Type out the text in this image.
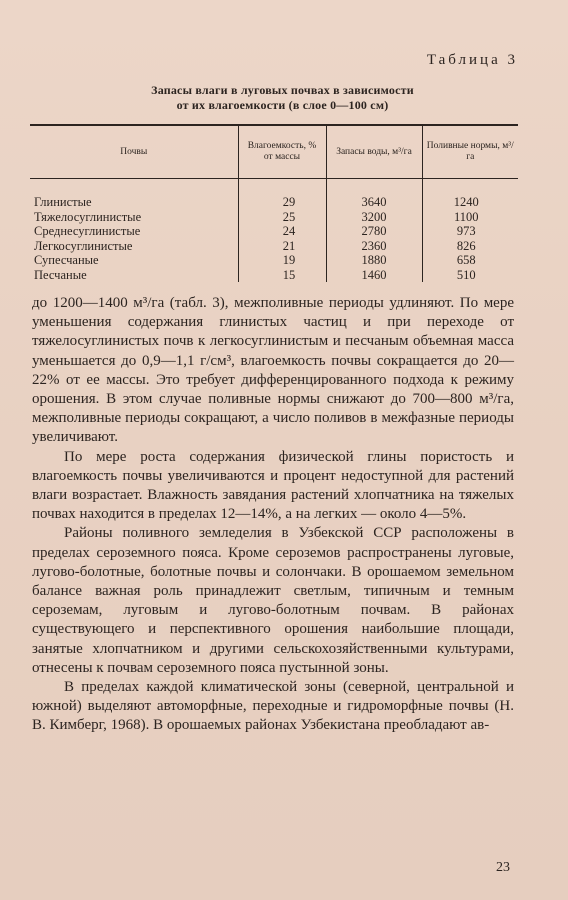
Таблица 3
Запасы влаги в луговых почвах в зависимости
от их влагоемкости (в слое 0—100 см)
Почвы	Влагоемкость, % от массы	Запасы воды, м³/га	Поливные нормы, м³/га

Глинистые	29	3640	1240
Тяжелосуглинистые	25	3200	1100
Среднесуглинистые	24	2780	973
Легкосуглинистые	21	2360	826
Супесчаные	19	1880	658
Песчаные	15	1460	510

до 1200—1400 м³/га (табл. 3), межполивные периоды удлиняют. По мере уменьшения содержания глинистых частиц и при переходе от тяжелосуглинистых почв к легкосуглинистым и песчаным объемная масса уменьшается до 0,9—1,1 г/см³, влагоемкость почвы сокращается до 20—22% от ее массы. Это требует дифференцированного подхода к режиму орошения. В этом случае поливные нормы снижают до 700—800 м³/га, межполивные периоды сокращают, а число поливов в межфазные периоды увеличивают.

По мере роста содержания физической глины пористость и влагоемкость почвы увеличиваются и процент недоступной для растений влаги возрастает. Влажность завядания растений хлопчатника на тяжелых почвах находится в пределах 12—14%, а на легких — около 4—5%.

Районы поливного земледелия в Узбекской ССР расположены в пределах сероземного пояса. Кроме сероземов распространены луговые, лугово-болотные, болотные почвы и солончаки. В орошаемом земельном балансе важная роль принадлежит светлым, типичным и темным сероземам, луговым и лугово-болотным почвам. В районах существующего и перспективного орошения наибольшие площади, занятые хлопчатником и другими сельскохозяйственными культурами, отнесены к почвам сероземного пояса пустынной зоны.

В пределах каждой климатической зоны (северной, центральной и южной) выделяют автоморфные, переходные и гидроморфные почвы (Н. В. Кимберг, 1968). В орошаемых районах Узбекистана преобладают ав-

23
